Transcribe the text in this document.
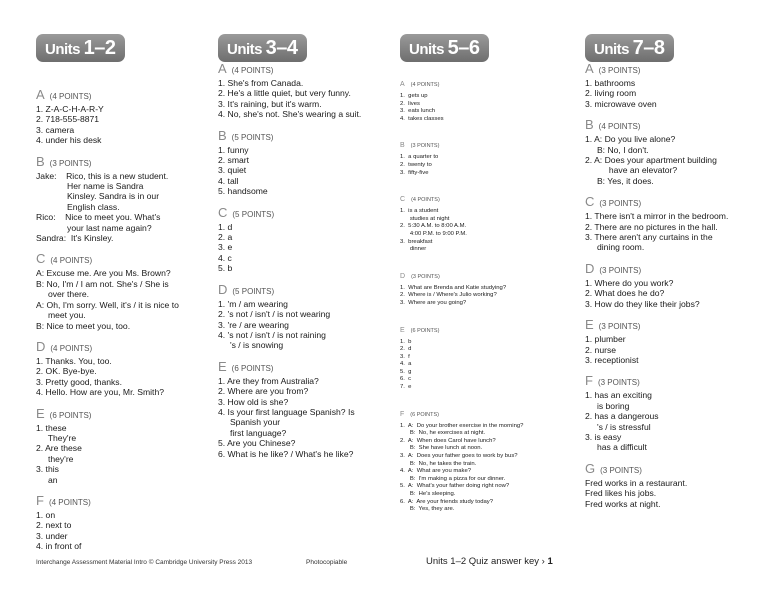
Units 1–2
A (4 POINTS)
1. Z-A-C-H-A-R-Y
2. 718-555-8871
3. camera
4. under his desk
B (3 POINTS)
Jake:    Rico, this is a new student.
Her name is Sandra
Kinsley. Sandra is in our
English class.
Rico:    Nice to meet you. What's
your last name again?
Sandra:  It's Kinsley.
C (4 POINTS)
A: Excuse me. Are you Ms. Brown?
B: No, I'm / I am not. She's / She is
over there.
A: Oh, I'm sorry. Well, it's / it is nice to
meet you.
B: Nice to meet you, too.
D (4 POINTS)
1. Thanks. You, too.
2. OK. Bye-bye.
3. Pretty good, thanks.
4. Hello. How are you, Mr. Smith?
E (6 POINTS)
1. these
They're
2. Are these
they're
3. this
an
F (4 POINTS)
1. on
2. next to
3. under
4. in front of
Units 3–4
A (4 POINTS)
1. She's from Canada.
2. He's a little quiet, but very funny.
3. It's raining, but it's warm.
4. No, she's not. She's wearing a suit.
B (5 POINTS)
1. funny
2. smart
3. quiet
4. tall
5. handsome
C (5 POINTS)
1. d
2. a
3. e
4. c
5. b
D (5 POINTS)
1. 'm / am wearing
2. 's not / isn't / is not wearing
3. 're / are wearing
4. 's not / isn't / is not raining
's / is snowing
E (6 POINTS)
1. Are they from Australia?
2. Where are you from?
3. How old is she?
4. Is your first language Spanish? Is
Spanish your
first language?
5. Are you Chinese?
6. What is he like? / What's he like?
Units 5–6
A (4 POINTS)
1.  gets up
2.  lives
3.  eats lunch
4.  takes classes
B (3 POINTS)
1.  a quarter to
2.  twenty to
3.  fifty-five
C (4 POINTS)
1.  is a student
studies at night
2.  5:30 A.M. to 8:00 A.M.
4:00 P.M. to 9:00 P.M.
3.  breakfast
dinner
D (3 POINTS)
1.  What are Brenda and Katie studying?
2.  Where is / Where's Julio working?
3.  Where are you going?
E (6 POINTS)
1.  b
2.  d
3.  f
4.  a
5.  g
6.  c
7.  e
F (6 POINTS)
1.  A:  Do your brother exercise in the morning?
B:  No, he exercises at night.
2.  A:  When does Carol have lunch?
B:  She have lunch at noon.
3.  A:  Does your father goes to work by bus?
B:  No, he takes the train.
4.  A:  What are you make?
B:  I'm making a pizza for our dinner.
5.  A:  What's your father doing right now?
B:  He's sleeping.
6.  A:  Are your friends study today?
B:  Yes, they are.
Units 7–8
A (3 POINTS)
1. bathrooms
2. living room
3. microwave oven
B (4 POINTS)
1. A: Do you live alone?
B: No, I don't.
2. A: Does your apartment building
have an elevator?
B: Yes, it does.
C (3 POINTS)
1. There isn't a mirror in the bedroom.
2. There are no pictures in the hall.
3. There aren't any curtains in the
dining room.
D (3 POINTS)
1. Where do you work?
2. What does he do?
3. How do they like their jobs?
E (3 POINTS)
1. plumber
2. nurse
3. receptionist
F (3 POINTS)
1. has an exciting
is boring
2. has a dangerous
's / is stressful
3. is easy
has a difficult
G (3 POINTS)
Fred works in a restaurant.
Fred likes his jobs.
Fred works at night.
Interchange Assessment Material Intro © Cambridge University Press 2013	Photocopiable	Units 1–2 Quiz answer key › 1
